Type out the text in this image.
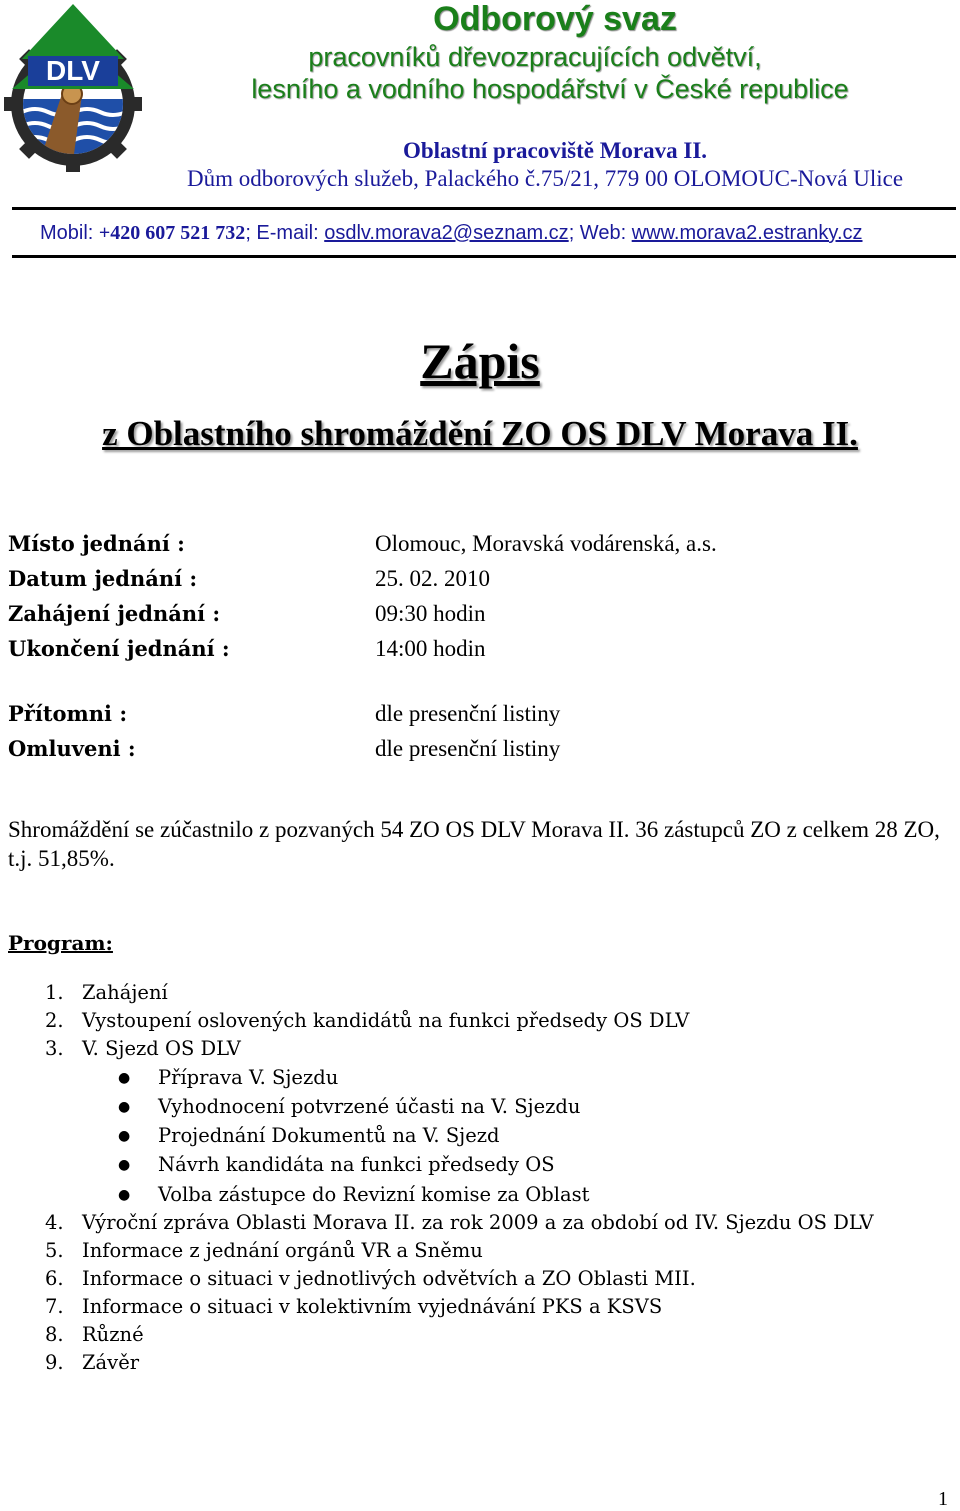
DLV
Odborový svaz
pracovníků dřevozpracujících odvětví,
lesního a vodního hospodářství v České republice
Oblastní pracoviště Morava II.
Dům odborových služeb, Palackého č.75/21, 779 00 OLOMOUC-Nová Ulice
Mobil: +420 607 521 732; E-mail: osdlv.morava2@seznam.cz; Web: www.morava2.estranky.cz
Zápis
z Oblastního shromáždění ZO OS DLV Morava II.
Místo jednání :	Olomouc, Moravská vodárenská, a.s.
Datum jednání :	25. 02. 2010
Zahájení jednání :	09:30 hodin
Ukončení jednání :	14:00 hodin
Přítomni :	dle presenční listiny
Omluveni :	dle presenční listiny
Shromáždění se zúčastnilo z pozvaných 54 ZO OS DLV Morava II. 36 zástupců ZO z celkem 28 ZO, t.j. 51,85%.
Program:
1. Zahájení
2. Vystoupení oslovených kandidátů na funkci předsedy OS DLV
3. V. Sjezd OS DLV
● Příprava V. Sjezdu
● Vyhodnocení potvrzené účasti na V. Sjezdu
● Projednání Dokumentů na V. Sjezd
● Návrh kandidáta na funkci předsedy OS
● Volba zástupce do Revizní komise za Oblast
4. Výroční zpráva Oblasti Morava II. za rok 2009 a za období od IV. Sjezdu OS DLV
5. Informace z jednání orgánů VR a Sněmu
6. Informace o situaci v jednotlivých odvětvích a ZO Oblasti MII.
7. Informace o situaci v kolektivním vyjednávání PKS a KSVS
8. Různé
9. Závěr
1
